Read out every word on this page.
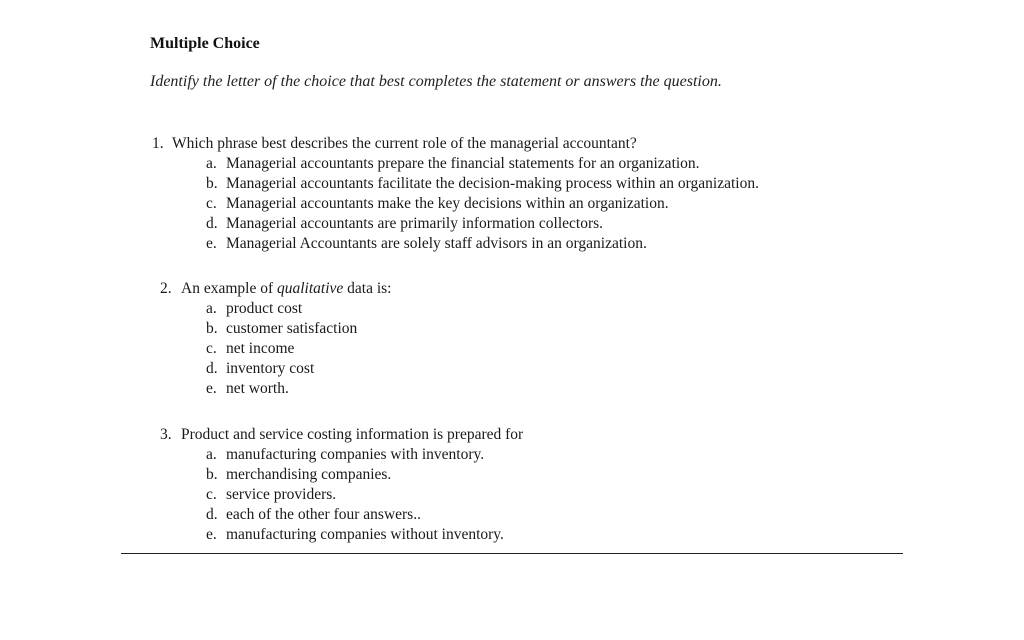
Multiple Choice
Identify the letter of the choice that best completes the statement or answers the question.
1. Which phrase best describes the current role of the managerial accountant?
a. Managerial accountants prepare the financial statements for an organization.
b. Managerial accountants facilitate the decision-making process within an organization.
c. Managerial accountants make the key decisions within an organization.
d. Managerial accountants are primarily information collectors.
e. Managerial Accountants are solely staff advisors in an organization.
2. An example of qualitative data is:
a. product cost
b. customer satisfaction
c. net income
d. inventory cost
e. net worth.
3. Product and service costing information is prepared for
a. manufacturing companies with inventory.
b. merchandising companies.
c. service providers.
d. each of the other four answers..
e. manufacturing companies without inventory.
